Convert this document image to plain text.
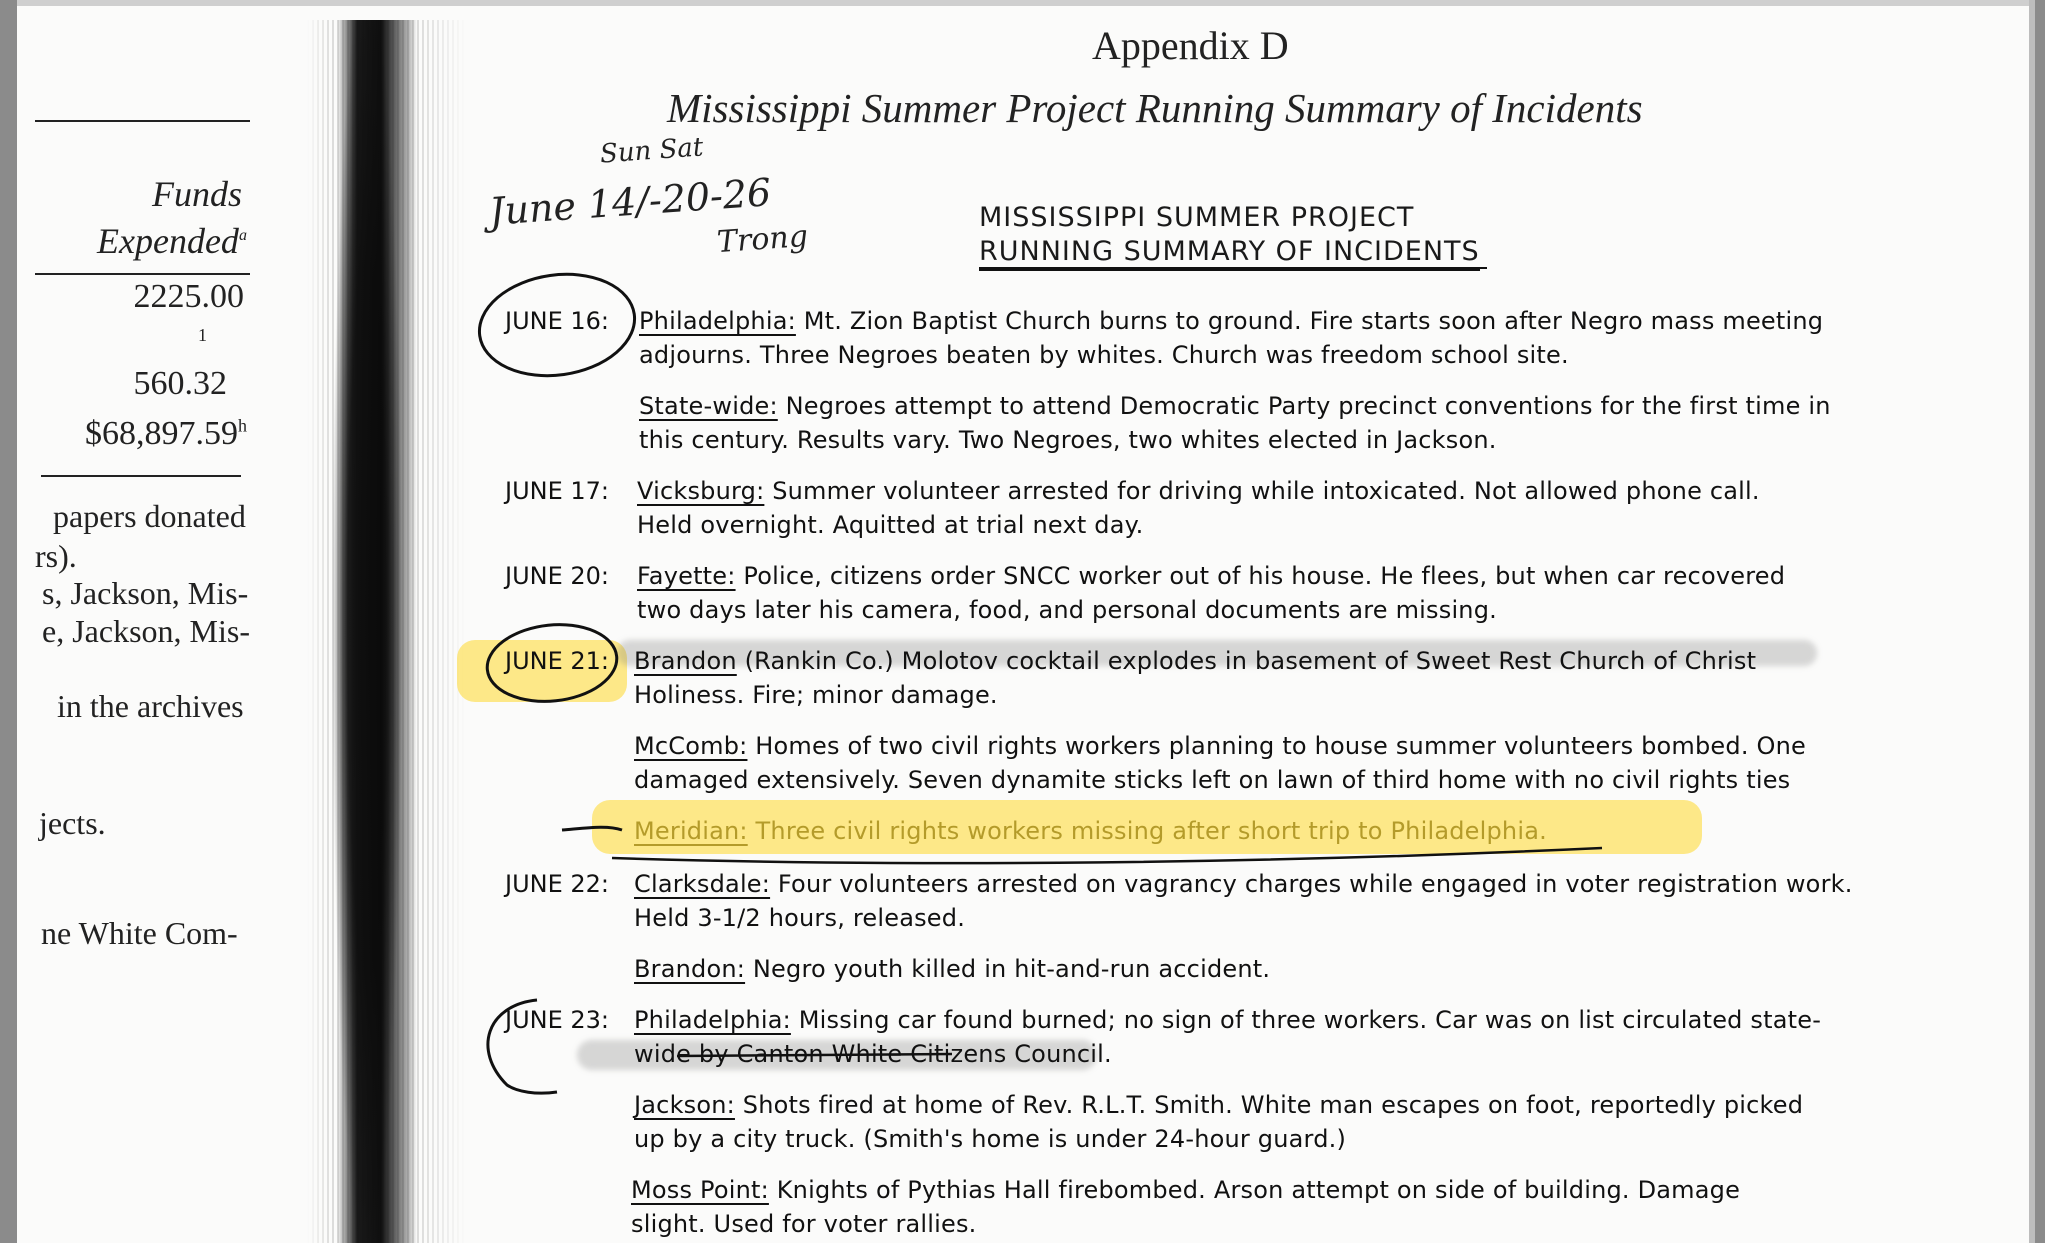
Funds
Expended$^a$
2225.00
1
560.32
$68,897.59$^h$
papers donated
rs).
s, Jackson, Mis-
e, Jackson, Mis-
in the archives
jects.
ne White Com-
Appendix D
Mississippi Summer Project Running Summary of Incidents
Sun Sat
June 14/-20-26
Trong
MISSISSIPPI SUMMER PROJECT
RUNNING SUMMARY OF INCIDENTS
JUNE 16: Philadelphia: Mt. Zion Baptist Church burns to ground. Fire starts soon after Negro mass meeting
adjourns. Three Negroes beaten by whites. Church was freedom school site.
State-wide: Negroes attempt to attend Democratic Party precinct conventions for the first time in
this century. Results vary. Two Negroes, two whites elected in Jackson.
JUNE 17: Vicksburg: Summer volunteer arrested for driving while intoxicated. Not allowed phone call.
Held overnight. Aquitted at trial next day.
JUNE 20: Fayette: Police, citizens order SNCC worker out of his house. He flees, but when car recovered
two days later his camera, food, and personal documents are missing.
JUNE 21: Brandon (Rankin Co.) Molotov cocktail explodes in basement of Sweet Rest Church of Christ
Holiness. Fire; minor damage.
McComb: Homes of two civil rights workers planning to house summer volunteers bombed. One
damaged extensively. Seven dynamite sticks left on lawn of third home with no civil rights ties
Meridian: Three civil rights workers missing after short trip to Philadelphia.
JUNE 22: Clarksdale: Four volunteers arrested on vagrancy charges while engaged in voter registration work.
Held 3-1/2 hours, released.
Brandon: Negro youth killed in hit-and-run accident.
JUNE 23: Philadelphia: Missing car found burned; no sign of three workers. Car was on list circulated state-
wide by Canton White Citizens Council.
Jackson: Shots fired at home of Rev. R.L.T. Smith. White man escapes on foot, reportedly picked
up by a city truck. (Smith's home is under 24-hour guard.)
Moss Point: Knights of Pythias Hall firebombed. Arson attempt on side of building. Damage
slight. Used for voter rallies.
